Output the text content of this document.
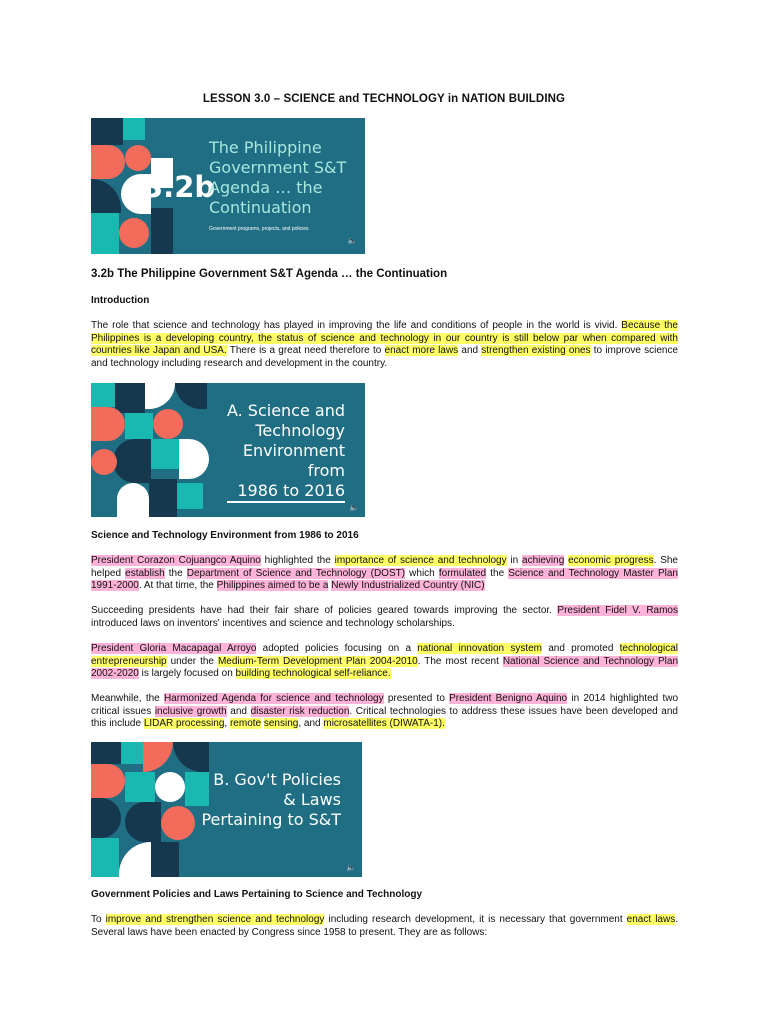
LESSON 3.0 – SCIENCE and TECHNOLOGY in NATION BUILDING
3.2b
The Philippine
Government S&T
Agenda … the
Continuation
Government programs, projects, and policies
🔈
3.2b The Philippine Government S&T Agenda … the Continuation
Introduction

The role that science and technology has played in improving the life and conditions of people in the world is vivid. Because the Philippines is a developing country, the status of science and technology in our country is still below par when compared with countries like Japan and USA. There is a great need therefore to enact more laws and strengthen existing ones to improve science and technology including research and development in the country.

A. Science and
Technology
Environment from
1986 to 2016
🔈
Science and Technology Environment from 1986 to 2016

President Corazon Cojuangco Aquino highlighted the importance of science and technology in achieving economic progress. She helped establish the Department of Science and Technology (DOST) which formulated the Science and Technology Master Plan 1991-2000. At that time, the Philippines aimed to be a Newly Industrialized Country (NIC)

Succeeding presidents have had their fair share of policies geared towards improving the sector. President Fidel V. Ramos introduced laws on inventors' incentives and science and technology scholarships.

President Gloria Macapagal Arroyo adopted policies focusing on a national innovation system and promoted technological entrepreneurship under the Medium-Term Development Plan 2004-2010. The most recent National Science and Technology Plan 2002-2020 is largely focused on building technological self-reliance.

Meanwhile, the Harmonized Agenda for science and technology presented to President Benigno Aquino in 2014 highlighted two critical issues inclusive growth and disaster risk reduction. Critical technologies to address these issues have been developed and this include LIDAR processing, remote sensing, and microsatellites (DIWATA-1).

B. Gov't Policies
& Laws
Pertaining to S&T
🔈
Government Policies and Laws Pertaining to Science and Technology

To improve and strengthen science and technology including research development, it is necessary that government enact laws. Several laws have been enacted by Congress since 1958 to present. They are as follows:
